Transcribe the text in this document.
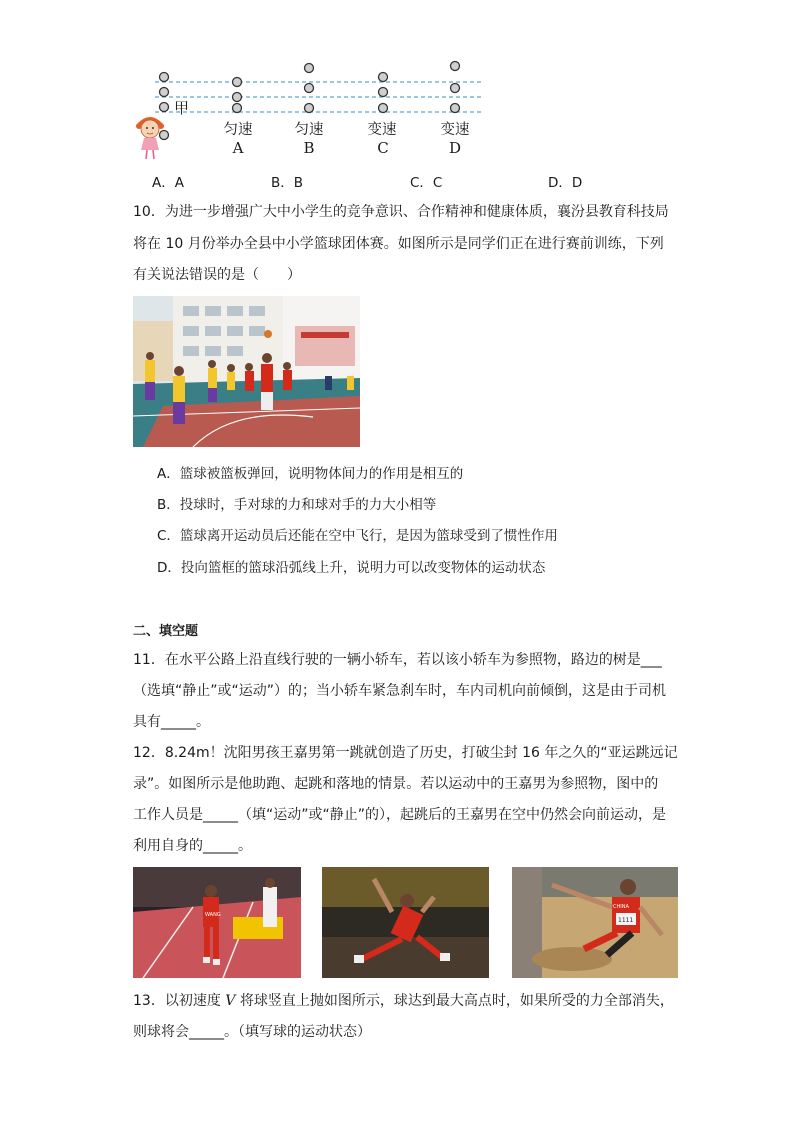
甲
匀速	匀速	变速	变速
A	B	C	D
A．A	B．B	C．C	D．D
10．为进一步增强广大中小学生的竞争意识、合作精神和健康体质，襄汾县教育科技局
将在 10 月份举办全县中小学篮球团体赛。如图所示是同学们正在进行赛前训练，下列
有关说法错误的是（　　）
A．篮球被篮板弹回，说明物体间力的作用是相互的
B．投球时，手对球的力和球对手的力大小相等
C．篮球离开运动员后还能在空中飞行，是因为篮球受到了惯性作用
D．投向篮框的篮球沿弧线上升，说明力可以改变物体的运动状态
二、填空题
11．在水平公路上沿直线行驶的一辆小轿车，若以该小轿车为参照物，路边的树是___
（选填“静止”或“运动”）的；当小轿车紧急刹车时，车内司机向前倾倒，这是由于司机
具有_____。
12．8.24m！沈阳男孩王嘉男第一跳就创造了历史，打破尘封 16 年之久的“亚运跳远记
录”。如图所示是他助跑、起跳和落地的情景。若以运动中的王嘉男为参照物，图中的
工作人员是_____（填“运动”或“静止”的），起跳后的王嘉男在空中仍然会向前运动，是
利用自身的_____。
WANG
CHINA
1111
13．以初速度 V 将球竖直上抛如图所示，球达到最大高点时，如果所受的力全部消失，
则球将会_____。（填写球的运动状态）
